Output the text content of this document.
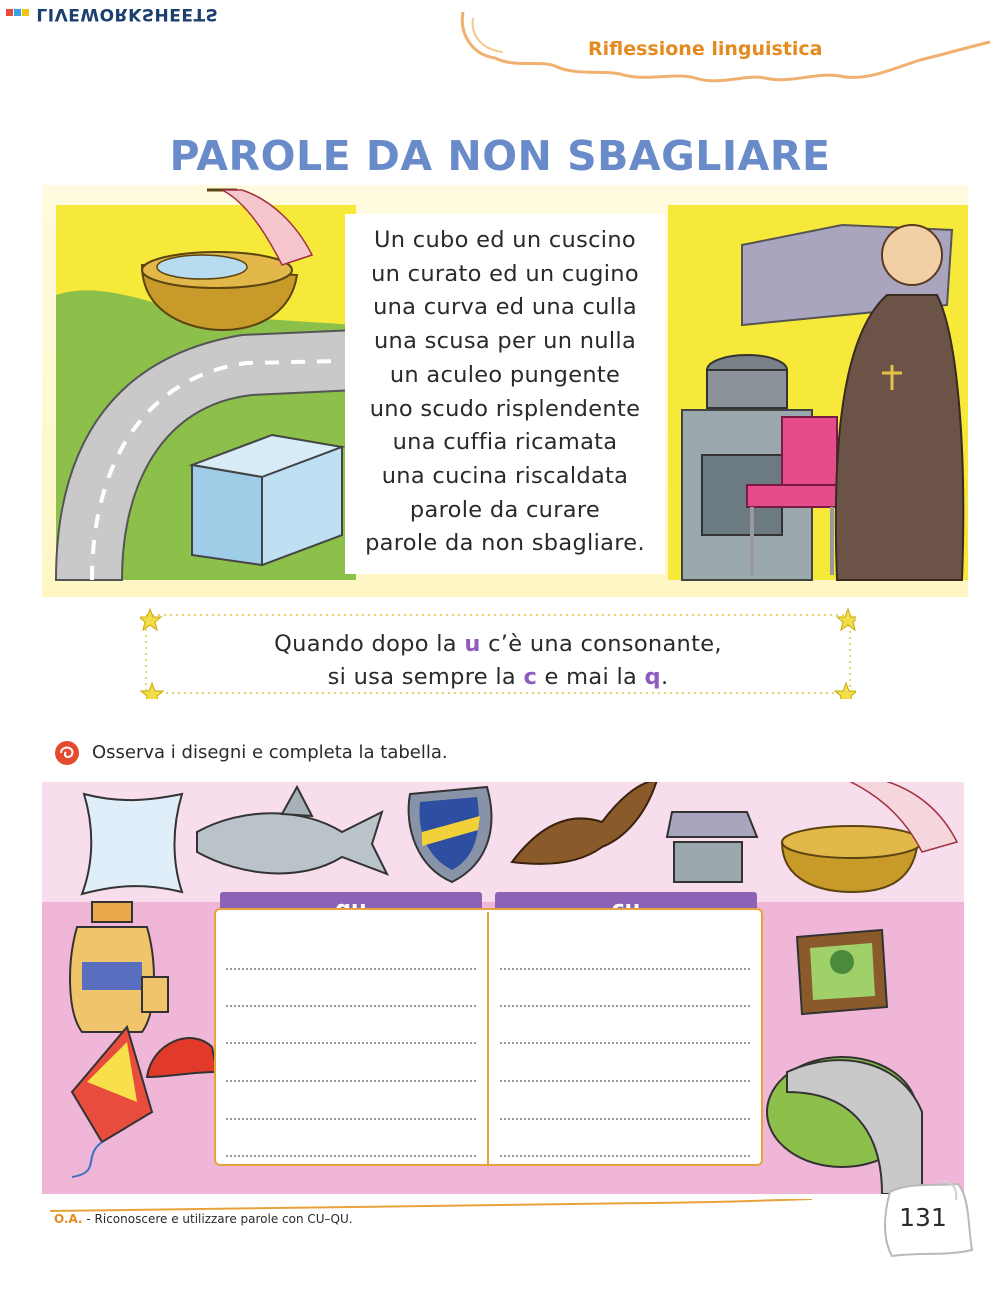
LIVEWORKSHEETS
Riflessione linguistica
PAROLE DA NON SBAGLIARE
Un cubo ed un cuscino
un curato ed un cugino
una curva ed una culla
una scusa per un nulla
un aculeo pungente
uno scudo risplendente
una cuffia ricamata
una cucina riscaldata
parole da curare
parole da non sbagliare.
Quando dopo la u c’è una consonante,
si usa sempre la c e mai la q.
Osserva i disegni e completa la tabella.
O.A. - Riconoscere e utilizzare parole con CU–QU.	131
